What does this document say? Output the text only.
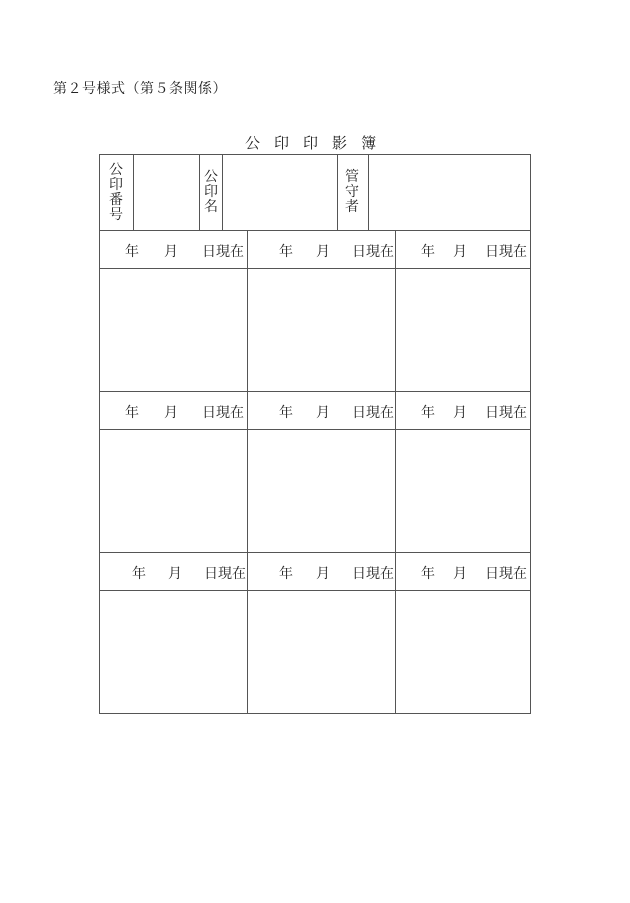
第２号様式（第５条関係）
公 印 印 影 簿
公
印
番
号
公
印
名
管
守
者
年 月 日現在	年 月 日現在 年 月 日現在
年 月 日現在	年 月 日現在 年 月 日現在
年 月 日現在 年 月 日現在 年 月 日現在
